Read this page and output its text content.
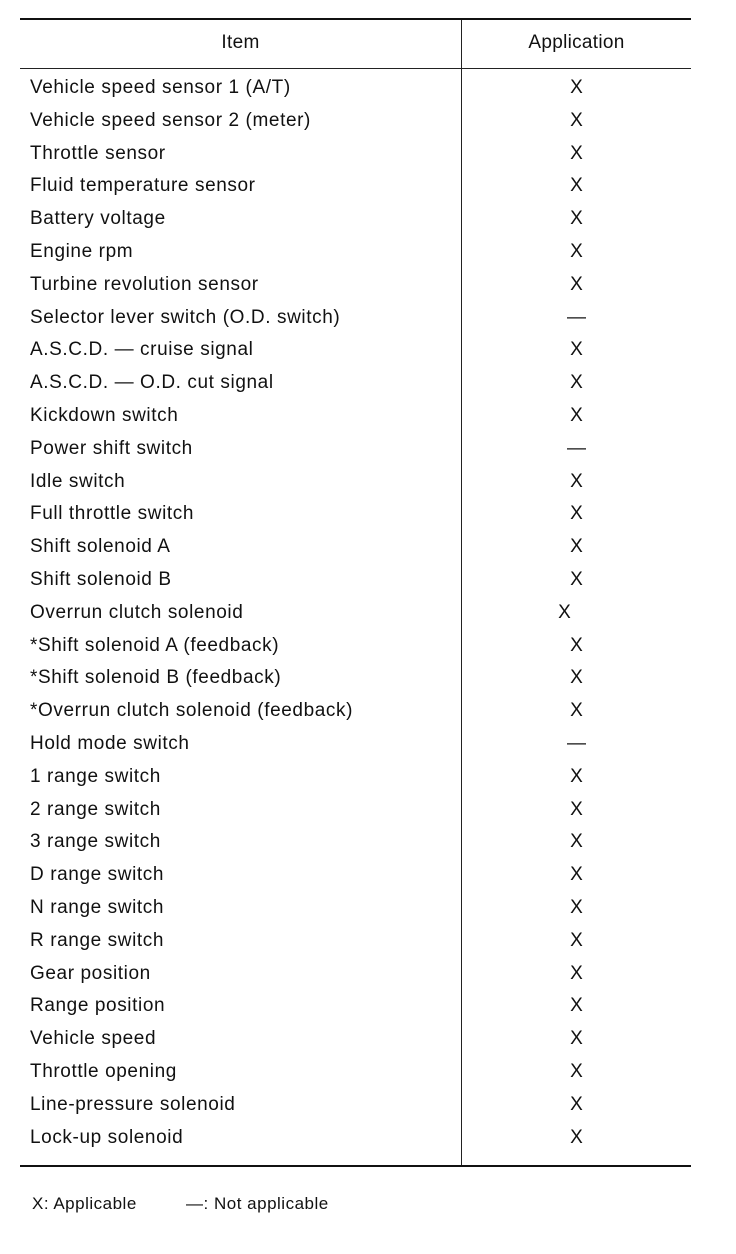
Item	Application
Vehicle speed sensor 1 (A/T)	X
Vehicle speed sensor 2 (meter)	X
Throttle sensor	X
Fluid temperature sensor	X
Battery voltage	X
Engine rpm	X
Turbine revolution sensor	X
Selector lever switch (O.D. switch)	—
A.S.C.D. — cruise signal	X
A.S.C.D. — O.D. cut signal	X
Kickdown switch	X
Power shift switch	—
Idle switch	X
Full throttle switch	X
Shift solenoid A	X
Shift solenoid B	X
Overrun clutch solenoid	X
*Shift solenoid A (feedback)	X
*Shift solenoid B (feedback)	X
*Overrun clutch solenoid (feedback)	X
Hold mode switch	—
1 range switch	X
2 range switch	X
3 range switch	X
D range switch	X
N range switch	X
R range switch	X
Gear position	X
Range position	X
Vehicle speed	X
Throttle opening	X
Line-pressure solenoid	X
Lock-up solenoid	X
X: Applicable	—: Not applicable
